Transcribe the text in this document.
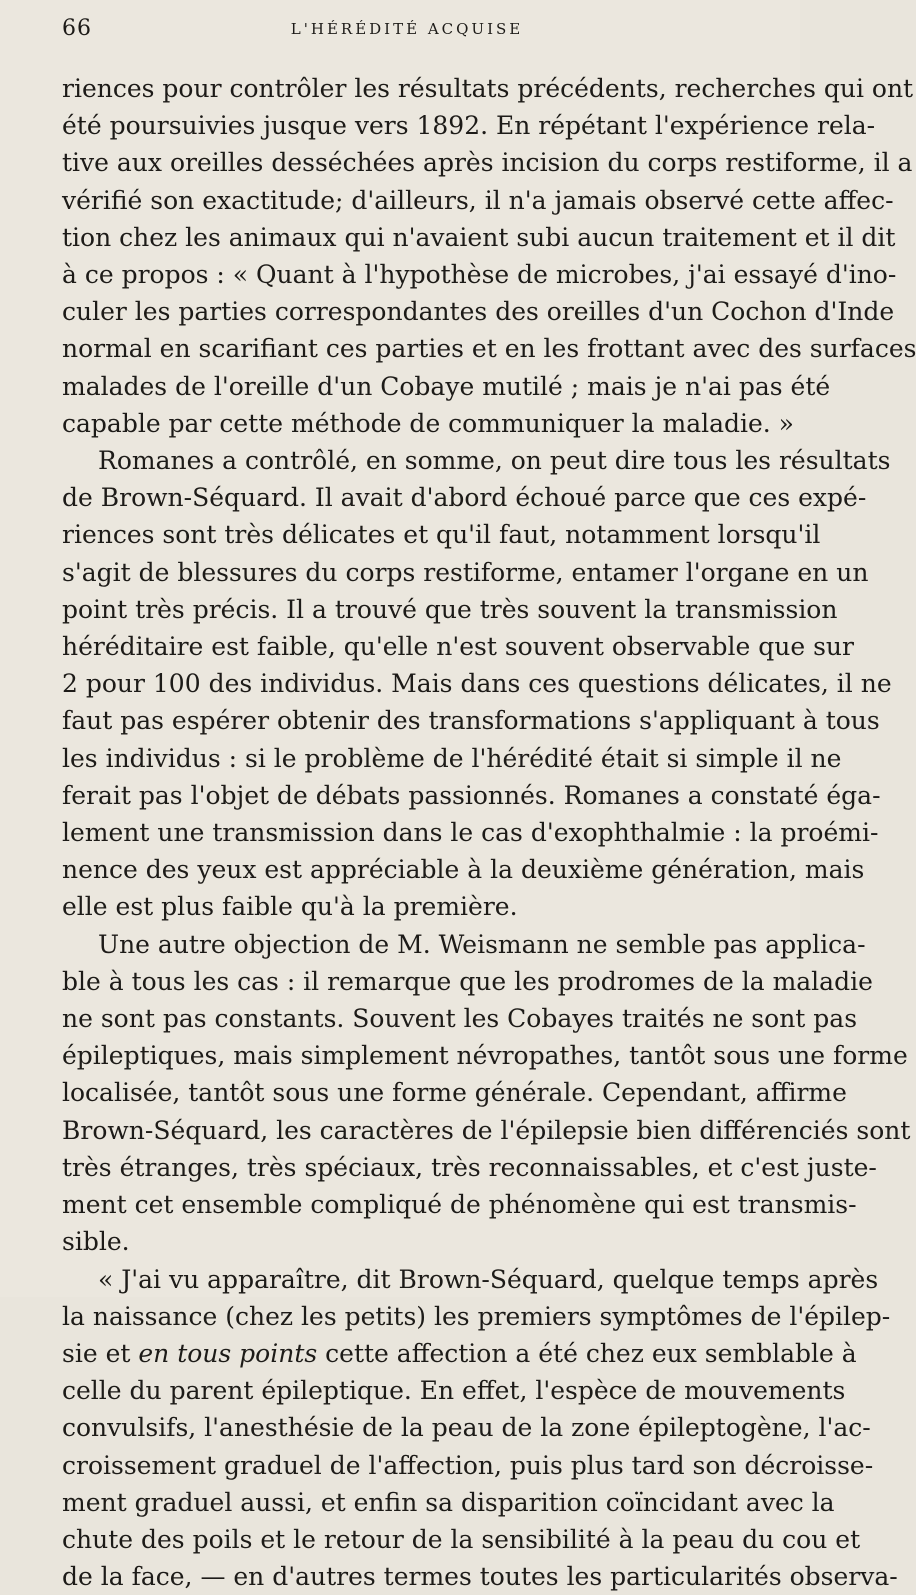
66	L'HÉRÉDITÉ ACQUISE
riences pour contrôler les résultats précédents, recherches qui ont
été poursuivies jusque vers 1892. En répétant l'expérience rela-
tive aux oreilles desséchées après incision du corps restiforme, il a
vérifié son exactitude; d'ailleurs, il n'a jamais observé cette affec-
tion chez les animaux qui n'avaient subi aucun traitement et il dit
à ce propos : « Quant à l'hypothèse de microbes, j'ai essayé d'ino-
culer les parties correspondantes des oreilles d'un Cochon d'Inde
normal en scarifiant ces parties et en les frottant avec des surfaces
malades de l'oreille d'un Cobaye mutilé ; mais je n'ai pas été
capable par cette méthode de communiquer la maladie. »
Romanes a contrôlé, en somme, on peut dire tous les résultats
de Brown-Séquard. Il avait d'abord échoué parce que ces expé-
riences sont très délicates et qu'il faut, notamment lorsqu'il
s'agit de blessures du corps restiforme, entamer l'organe en un
point très précis. Il a trouvé que très souvent la transmission
héréditaire est faible, qu'elle n'est souvent observable que sur
2 pour 100 des individus. Mais dans ces questions délicates, il ne
faut pas espérer obtenir des transformations s'appliquant à tous
les individus : si le problème de l'hérédité était si simple il ne
ferait pas l'objet de débats passionnés. Romanes a constaté éga-
lement une transmission dans le cas d'exophthalmie : la proémi-
nence des yeux est appréciable à la deuxième génération, mais
elle est plus faible qu'à la première.
Une autre objection de M. Weismann ne semble pas applica-
ble à tous les cas : il remarque que les prodromes de la maladie
ne sont pas constants. Souvent les Cobayes traités ne sont pas
épileptiques, mais simplement névropathes, tantôt sous une forme
localisée, tantôt sous une forme générale. Cependant, affirme
Brown-Séquard, les caractères de l'épilepsie bien différenciés sont
très étranges, très spéciaux, très reconnaissables, et c'est juste-
ment cet ensemble compliqué de phénomène qui est transmis-
sible.
« J'ai vu apparaître, dit Brown-Séquard, quelque temps après
la naissance (chez les petits) les premiers symptômes de l'épilep-
sie et en tous points cette affection a été chez eux semblable à
celle du parent épileptique. En effet, l'espèce de mouvements
convulsifs, l'anesthésie de la peau de la zone épileptogène, l'ac-
croissement graduel de l'affection, puis plus tard son décroisse-
ment graduel aussi, et enfin sa disparition coïncidant avec la
chute des poils et le retour de la sensibilité à la peau du cou et
de la face, — en d'autres termes toutes les particularités observa-
